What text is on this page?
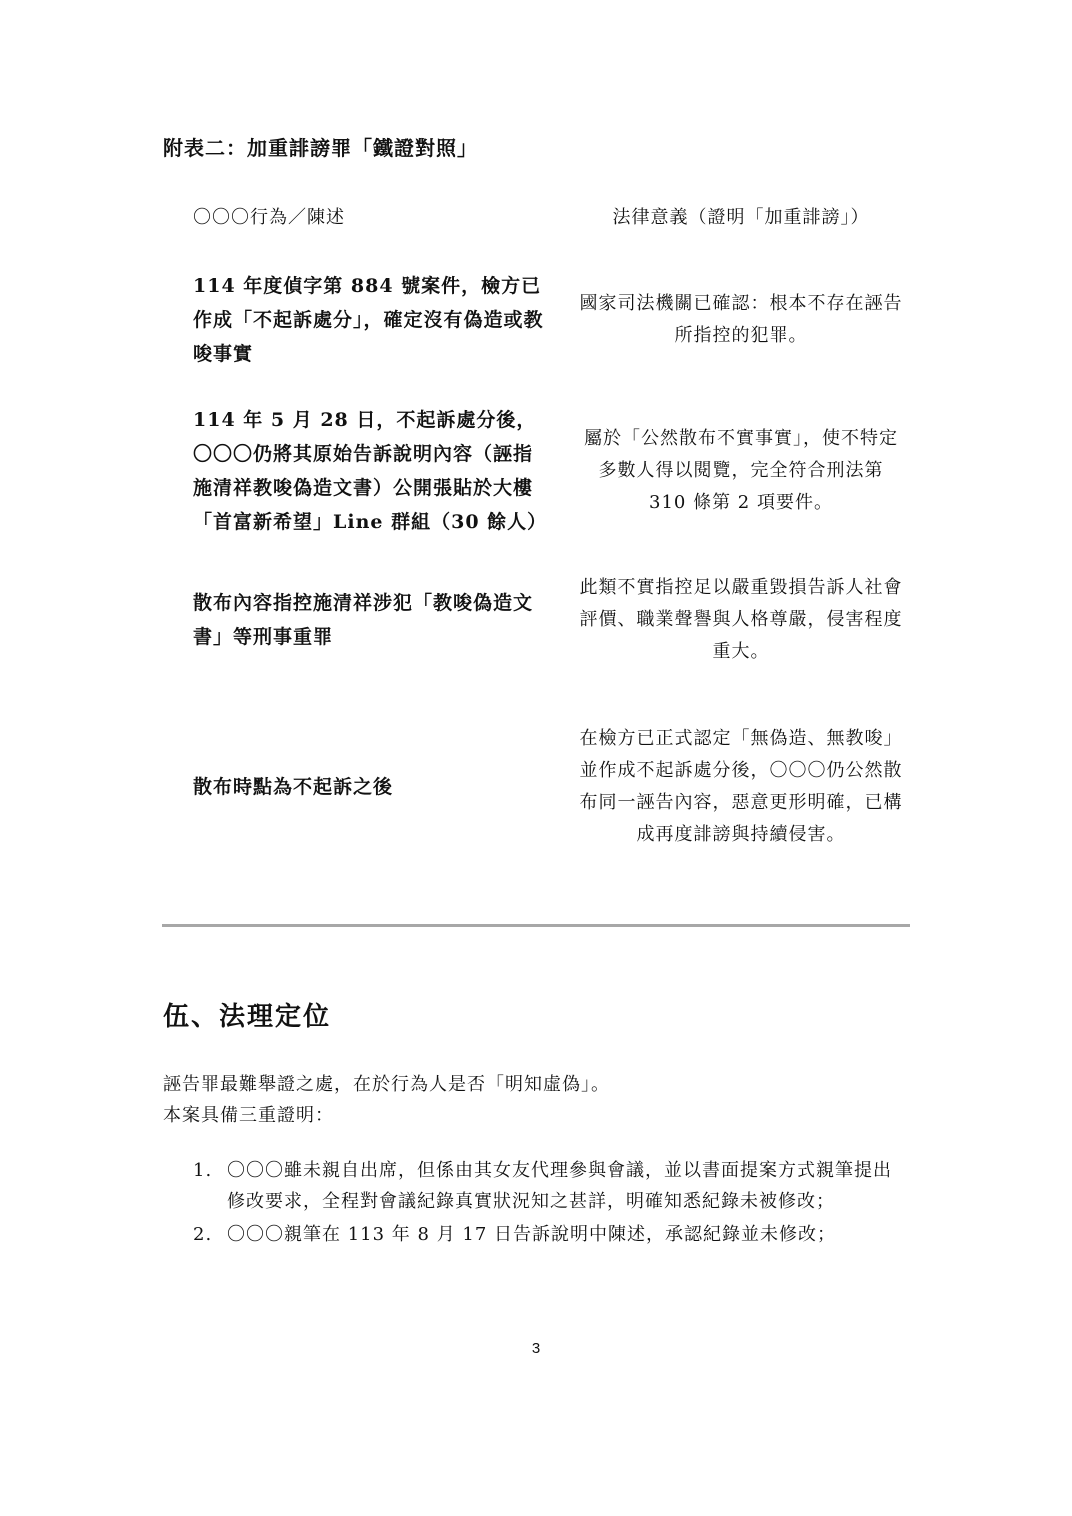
附表二：加重誹謗罪「鐵證對照」
〇〇〇行為／陳述	法律意義（證明「加重誹謗」）
114 年度偵字第 884 號案件，檢方已作成「不起訴處分」，確定沒有偽造或教唆事實
國家司法機關已確認：根本不存在誣告所指控的犯罪。
114 年 5 月 28 日，不起訴處分後，〇〇〇仍將其原始告訴說明內容（誣指施清祥教唆偽造文書）公開張貼於大樓「首富新希望」Line 群組（30 餘人）
屬於「公然散布不實事實」，使不特定多數人得以閱覽，完全符合刑法第 310 條第 2 項要件。
散布內容指控施清祥涉犯「教唆偽造文書」等刑事重罪
此類不實指控足以嚴重毀損告訴人社會評價、職業聲譽與人格尊嚴，侵害程度重大。
散布時點為不起訴之後
在檢方已正式認定「無偽造、無教唆」並作成不起訴處分後，〇〇〇仍公然散布同一誣告內容，惡意更形明確，已構成再度誹謗與持續侵害。
伍、法理定位
誣告罪最難舉證之處，在於行為人是否「明知虛偽」。
本案具備三重證明：
1. 〇〇〇雖未親自出席，但係由其女友代理參與會議，並以書面提案方式親筆提出修改要求，全程對會議紀錄真實狀況知之甚詳，明確知悉紀錄未被修改；
2. 〇〇〇親筆在 113 年 8 月 17 日告訴說明中陳述，承認紀錄並未修改；
3
